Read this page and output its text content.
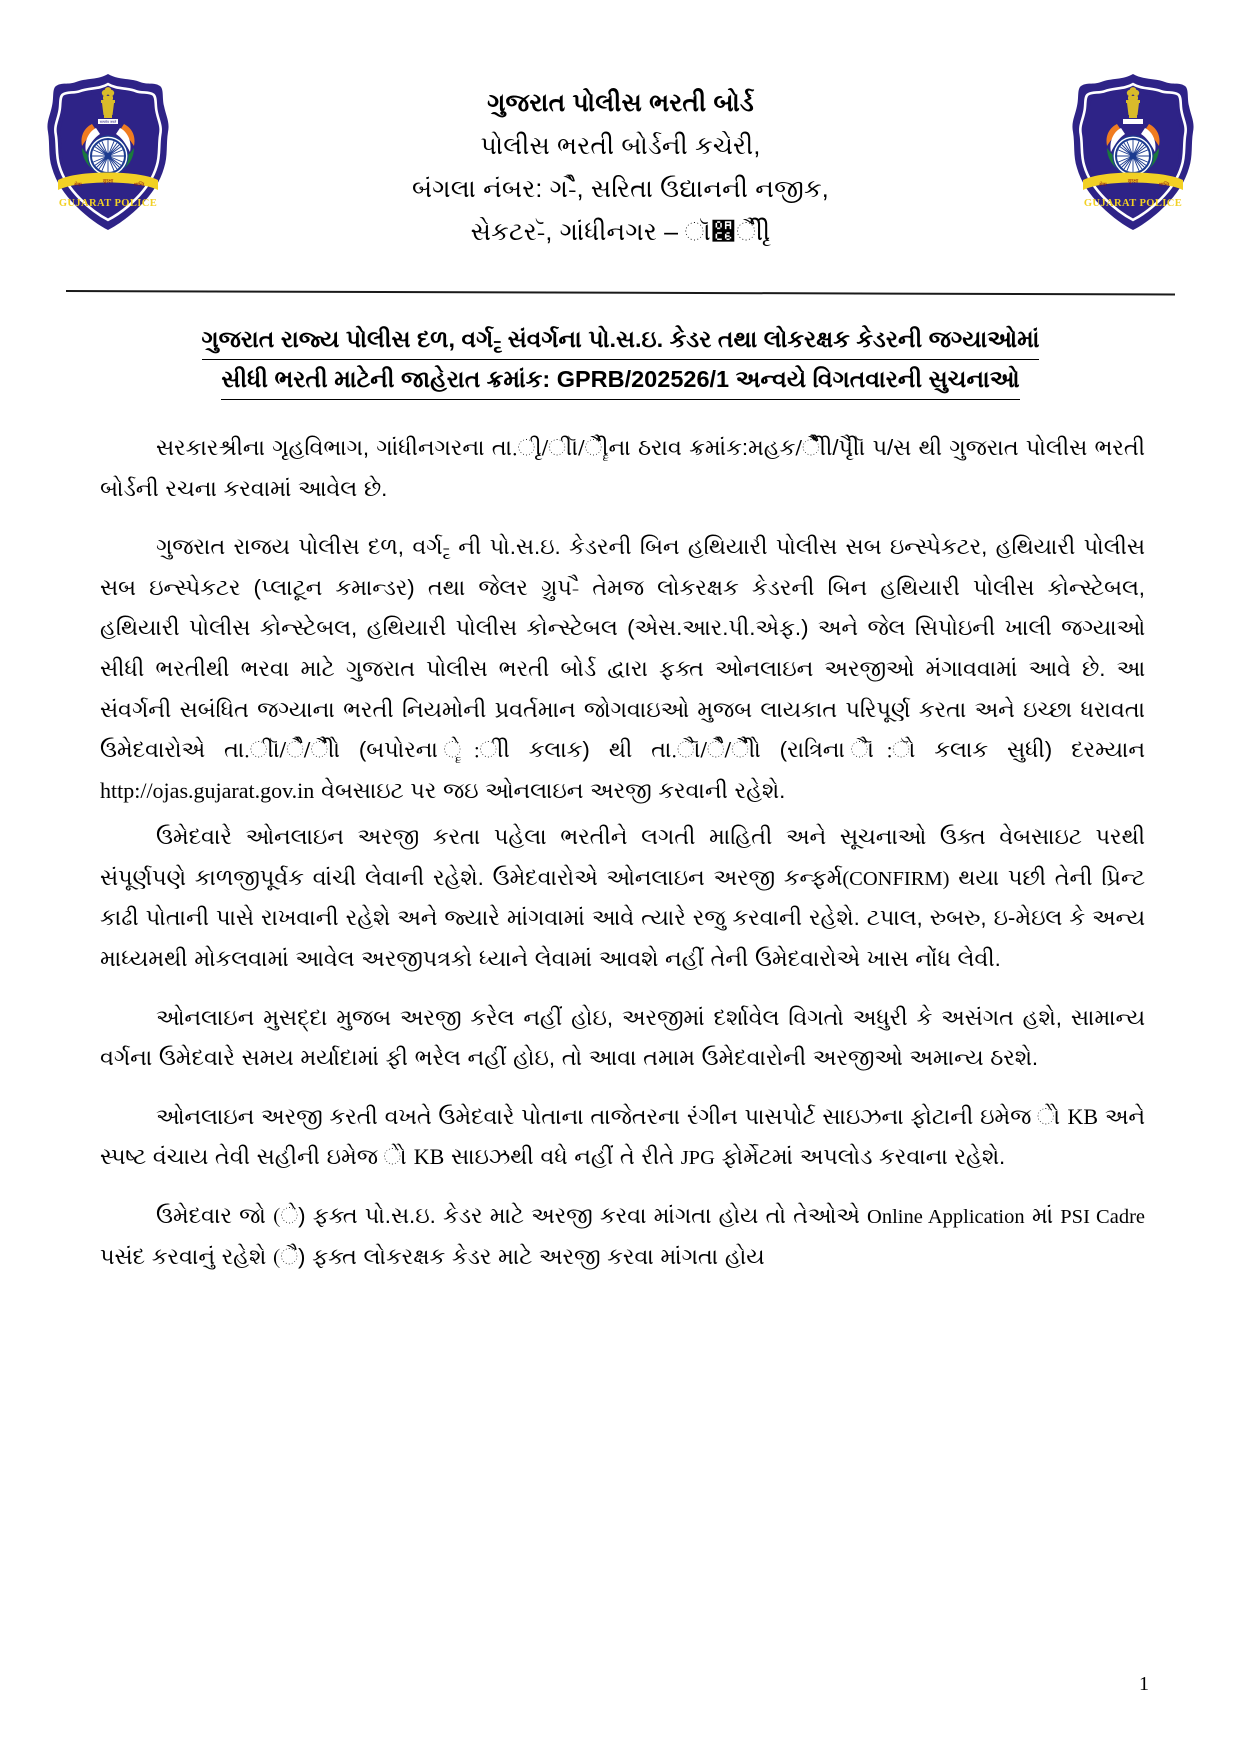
सत्यमेव जयते
सेवा
सुरक्षा
शान्ति
GUJARAT POLICE
ગુજરાત પોલીસ ભરતી બોર્ડ
પોલીસ ભરતી બોર્ડની કચેરી,
બંગલા નંબર: ગ-ેૈ, સરિતા ઉદ્યાનની નજીક,
સેકટર-ૅ, ગાંધીનગર – ૉ૆ૈીીૃ
सेवा
सुरक्षा
शान्ति
GUJARAT POLICE
ગુજરાત રાજ્ય પોલીસ દળ, વર્ગ-ૃ સંવર્ગના પો.સ.ઇ. કેડર તથા લોકરક્ષક કેડરની જગ્યાઓમાં
સીધી ભરતી માટેની જાહેરાત ક્રમાંક: GPRB/202526/1 અન્વયે વિગતવારની સુચનાઓ

સરકારશ્રીના ગૃહવિભાગ, ગાંધીનગરના તા.ીૃ/ીૉ/ૈીૈૄના ઠરાવ ક્રમાંક:મહક/ેીૈીેૅ/પૃીૈૉ પ/સ થી ગુજરાત પોલીસ ભરતી બોર્ડની રચના કરવામાં આવેલ છે.

ગુજરાત રાજય પોલીસ દળ, વર્ગ-ૃ ની પો.સ.ઇ. કેડરની બિન હથિયારી પોલીસ સબ ઇન્સ્પેકટર, હથિયારી પોલીસ સબ ઇન્સ્પેકટર (પ્લાટૂન કમાન્ડર) તથા જેલર ગ્રુપ-ૈ તેમજ લોકરક્ષક કેડરની બિન હથિયારી પોલીસ કોન્સ્ટેબલ, હથિયારી પોલીસ કોન્સ્ટેબલ, હથિયારી પોલીસ કોન્સ્ટેબલ (એસ.આર.પી.એફ.) અને જેલ સિપોઇની ખાલી જગ્યાઓ સીધી ભરતીથી ભરવા માટે ગુજરાત પોલીસ ભરતી બોર્ડ દ્વારા ફક્ત ઓનલાઇન અરજીઓ મંગાવવામાં આવે છે. આ સંવર્ગની સબંધિત જગ્યાના ભરતી નિયમોની પ્રવર્તમાન જોગવાઇઓ મુજબ લાયકાત પરિપૂર્ણ કરતા અને ઇચ્છા ધરાવતા ઉમેદવારોએ તા.ીૉ/ેૈ/ૈીૈો (બપોરના ેૄ:ીી કલાક) થી તા.ૈૉ/ેૈ/ૈીૈો (રાત્રિના ૈૉ:ોૅ કલાક સુધી) દરમ્યાન http://ojas.gujarat.gov.in વેબસાઇટ પર જઇ ઓનલાઇન અરજી કરવાની રહેશે.

ઉમેદવારે ઓનલાઇન અરજી કરતા પહેલા ભરતીને લગતી માહિતી અને સૂચનાઓ ઉક્ત વેબસાઇટ પરથી સંપૂર્ણપણે કાળજીપૂર્વક વાંચી લેવાની રહેશે. ઉમેદવારોએ ઓનલાઇન અરજી કન્ફર્મ(CONFIRM) થયા પછી તેની પ્રિન્ટ કાઢી પોતાની પાસે રાખવાની રહેશે અને જ્યારે માંગવામાં આવે ત્યારે રજુ કરવાની રહેશે. ટપાલ, રુબરુ, ઇ-મેઇલ કે અન્ય માધ્યમથી મોકલવામાં આવેલ અરજીપત્રકો ધ્યાને લેવામાં આવશે નહીં તેની ઉમેદવારોએ ખાસ નોંધ લેવી.

ઓનલાઇન મુસદ્દા મુજબ અરજી કરેલ નહીં હોઇ, અરજીમાં દર્શાવેલ વિગતો અધુરી કે અસંગત હશે, સામાન્ય વર્ગના ઉમેદવારે સમય મર્યાદામાં ફી ભરેલ નહીં હોઇ, તો આવા તમામ ઉમેદવારોની અરજીઓ અમાન્ય ઠરશે.

ઓનલાઇન અરજી કરતી વખતે ઉમેદવારે પોતાના તાજેતરના રંગીન પાસપોર્ટ સાઇઝના ફોટાની ઇમેજ ેો KB અને સ્પષ્ટ વંચાય તેવી સહીની ઇમેજ ેો KB સાઇઝથી વધે નહીં તે રીતે JPG ફોર્મેટમાં અપલોડ કરવાના રહેશે.

ઉમેદવાર જો (ે) ફક્ત પો.સ.ઇ. કેડર માટે અરજી કરવા માંગતા હોય તો તેઓએ Online Application માં PSI Cadre પસંદ કરવાનું રહેશે (ૈ) ફક્ત લોકરક્ષક કેડર માટે અરજી કરવા માંગતા હોય

1
